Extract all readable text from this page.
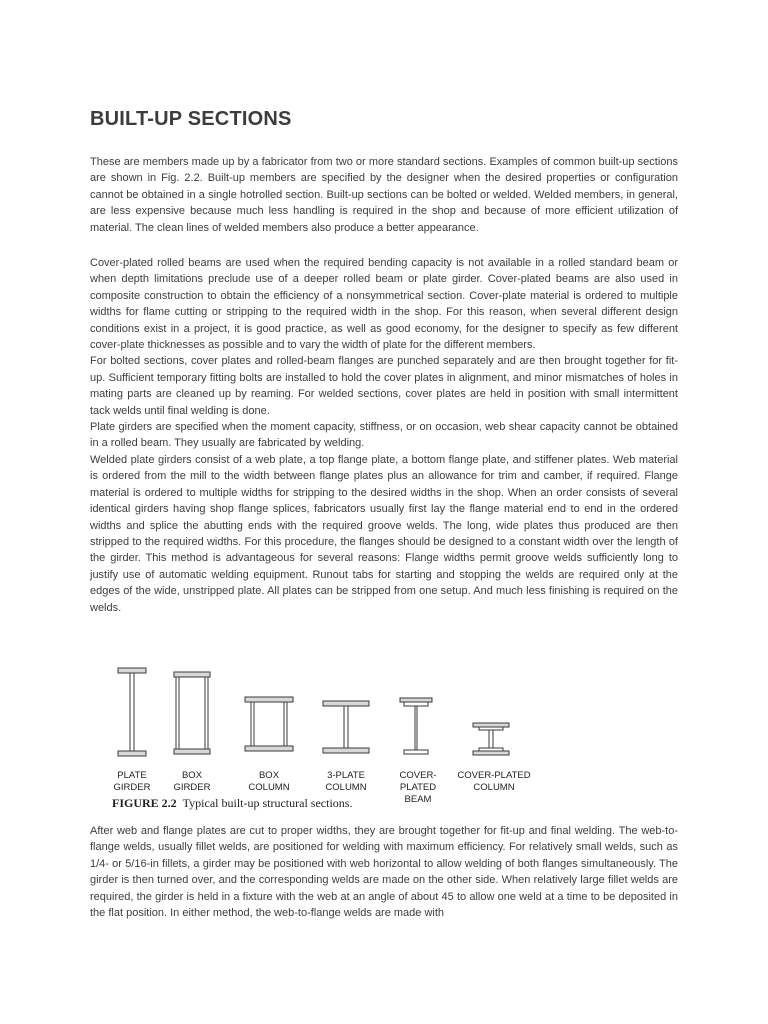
BUILT-UP SECTIONS

These are members made up by a fabricator from two or more standard sections. Examples of common built-up sections are shown in Fig. 2.2. Built-up members are specified by the designer when the desired properties or configuration cannot be obtained in a single hotrolled section. Built-up sections can be bolted or welded. Welded members, in general, are less expensive because much less handling is required in the shop and because of more efficient utilization of material. The clean lines of welded members also produce a better appearance.

Cover-plated rolled beams are used when the required bending capacity is not available in a rolled standard beam or when depth limitations preclude use of a deeper rolled beam or plate girder. Cover-plated beams are also used in composite construction to obtain the efficiency of a nonsymmetrical section. Cover-plate material is ordered to multiple widths for flame cutting or stripping to the required width in the shop. For this reason, when several different design conditions exist in a project, it is good practice, as well as good economy, for the designer to specify as few different cover-plate thicknesses as possible and to vary the width of plate for the different members.
For bolted sections, cover plates and rolled-beam flanges are punched separately and are then brought together for fit-up. Sufficient temporary fitting bolts are installed to hold the cover plates in alignment, and minor mismatches of holes in mating parts are cleaned up by reaming. For welded sections, cover plates are held in position with small intermittent tack welds until final welding is done.
Plate girders are specified when the moment capacity, stiffness, or on occasion, web shear capacity cannot be obtained in a rolled beam. They usually are fabricated by welding.
Welded plate girders consist of a web plate, a top flange plate, a bottom flange plate, and stiffener plates. Web material is ordered from the mill to the width between flange plates plus an allowance for trim and camber, if required. Flange material is ordered to multiple widths for stripping to the desired widths in the shop. When an order consists of several identical girders having shop flange splices, fabricators usually first lay the flange material end to end in the ordered widths and splice the abutting ends with the required groove welds. The long, wide plates thus produced are then stripped to the required widths. For this procedure, the flanges should be designed to a constant width over the length of the girder. This method is advantageous for several reasons: Flange widths permit groove welds sufficiently long to justify use of automatic welding equipment. Runout tabs for starting and stopping the welds are required only at the edges of the wide, unstripped plate. All plates can be stripped from one setup. And much less finishing is required on the welds.

PLATE
GIRDER
BOX
GIRDER
BOX
COLUMN
3-PLATE
COLUMN
COVER-PLATED
BEAM
COVER-PLATED
COLUMN
FIGURE 2.2 Typical built-up structural sections.

After web and flange plates are cut to proper widths, they are brought together for fit-up and final welding. The web-to-flange welds, usually fillet welds, are positioned for welding with maximum efficiency. For relatively small welds, such as 1/4- or 5/16-in fillets, a girder may be positioned with web horizontal to allow welding of both flanges simultaneously. The girder is then turned over, and the corresponding welds are made on the other side. When relatively large fillet welds are required, the girder is held in a fixture with the web at an angle of about 45 to allow one weld at a time to be deposited in the flat position. In either method, the web-to-flange welds are made with
